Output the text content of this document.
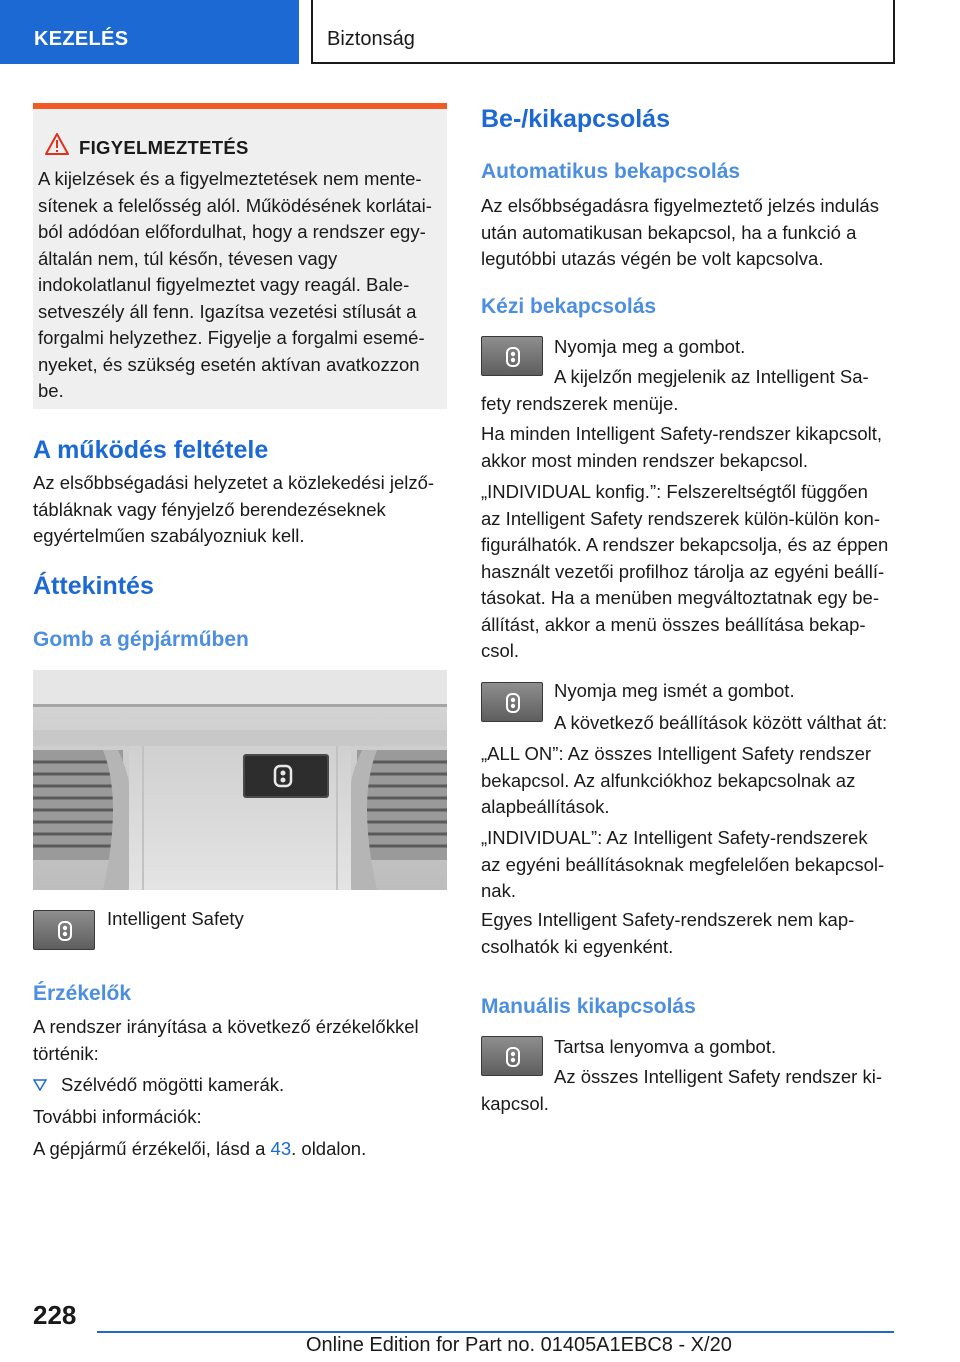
KEZELÉS	Biztonság
FIGYELMEZTETÉS
A kijelzések és a figyelmeztetések nem mente-
sítenek a felelősség alól. Működésének korlátai-
ból adódóan előfordulhat, hogy a rendszer egy-
általán nem, túl későn, tévesen vagy
indokolatlanul figyelmeztet vagy reagál. Bale-
setveszély áll fenn. Igazítsa vezetési stílusát a
forgalmi helyzethez. Figyelje a forgalmi esemé-
nyeket, és szükség esetén aktívan avatkozzon
be.
A működés feltétele

Az elsőbbségadási helyzetet a közlekedési jelző-
tábláknak vagy fényjelző berendezéseknek
egyértelműen szabályozniuk kell.

Áttekintés
Gomb a gépjárműben

Intelligent Safety

Érzékelők

A rendszer irányítása a következő érzékelőkkel
történik:

Szélvédő mögötti kamerák.

További információk:

A gépjármű érzékelői, lásd a 43. oldalon.

Be-/kikapcsolás
Automatikus bekapcsolás

Az elsőbbségadásra figyelmeztető jelzés indulás
után automatikusan bekapcsol, ha a funkció a
legutóbbi utazás végén be volt kapcsolva.

Kézi bekapcsolás

Nyomja meg a gombot.

A kijelzőn megjelenik az Intelligent Sa-

fety rendszerek menüje.

Ha minden Intelligent Safety-rendszer kikapcsolt,
akkor most minden rendszer bekapcsol.

„INDIVIDUAL konfig.”: Felszereltségtől függően
az Intelligent Safety rendszerek külön-külön kon-
figurálhatók. A rendszer bekapcsolja, és az éppen
használt vezetői profilhoz tárolja az egyéni beállí-
tásokat. Ha a menüben megváltoztatnak egy be-
állítást, akkor a menü összes beállítása bekap-
csol.

Nyomja meg ismét a gombot.

A következő beállítások között válthat át:

„ALL ON”: Az összes Intelligent Safety rendszer
bekapcsol. Az alfunkciókhoz bekapcsolnak az
alapbeállítások.

„INDIVIDUAL”: Az Intelligent Safety-rendszerek
az egyéni beállításoknak megfelelően bekapcsol-
nak.

Egyes Intelligent Safety-rendszerek nem kap-
csolhatók ki egyenként.

Manuális kikapcsolás

Tartsa lenyomva a gombot.

Az összes Intelligent Safety rendszer ki-

kapcsol.

228
Online Edition for Part no. 01405A1EBC8 - X/20
